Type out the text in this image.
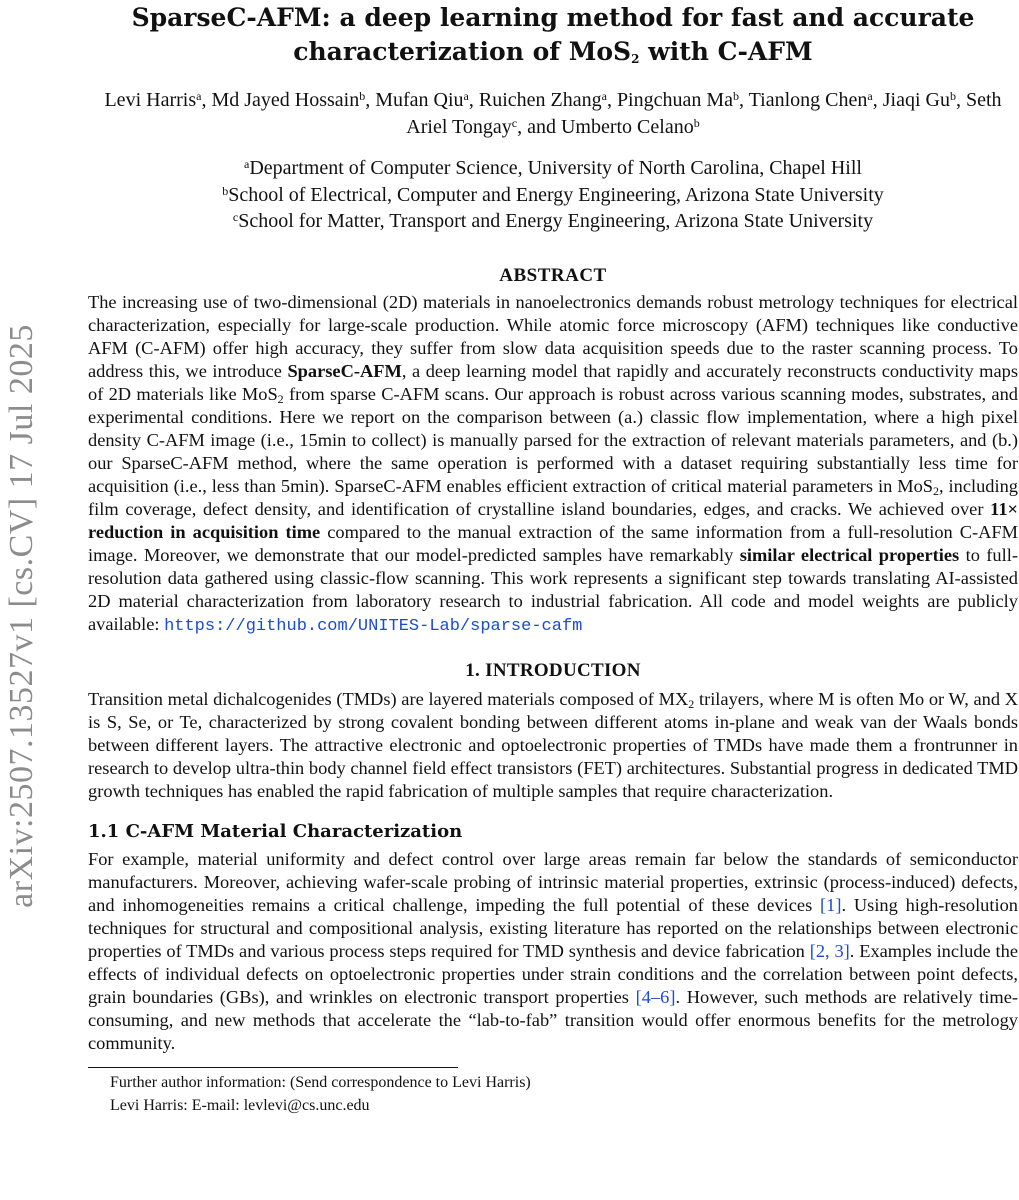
arXiv:2507.13527v1 [cs.CV] 17 Jul 2025
SparseC-AFM: a deep learning method for fast and accurate
characterization of MoS$_2$ with C-AFM
Levi Harris$^a$, Md Jayed Hossain$^b$, Mufan Qiu$^a$, Ruichen Zhang$^a$, Pingchuan Ma$^b$, Tianlong Chen$^a$, Jiaqi Gu$^b$, Seth Ariel Tongay$^c$, and Umberto Celano$^b$
$^a$Department of Computer Science, University of North Carolina, Chapel Hill
$^b$School of Electrical, Computer and Energy Engineering, Arizona State University
$^c$School for Matter, Transport and Energy Engineering, Arizona State University
ABSTRACT

The increasing use of two-dimensional (2D) materials in nanoelectronics demands robust metrology techniques for electrical characterization, especially for large-scale production. While atomic force microscopy (AFM) techniques like conductive AFM (C-AFM) offer high accuracy, they suffer from slow data acquisition speeds due to the raster scanning process. To address this, we introduce SparseC-AFM, a deep learning model that rapidly and accurately reconstructs conductivity maps of 2D materials like MoS$_2$ from sparse C-AFM scans. Our approach is robust across various scanning modes, substrates, and experimental conditions. Here we report on the comparison between (a.) classic flow implementation, where a high pixel density C-AFM image (i.e., 15min to collect) is manually parsed for the extraction of relevant materials parameters, and (b.) our SparseC-AFM method, where the same operation is performed with a dataset requiring substantially less time for acquisition (i.e., less than 5min). SparseC-AFM enables efficient extraction of critical material parameters in MoS$_2$, including film coverage, defect density, and identification of crystalline island boundaries, edges, and cracks. We achieved over 11× reduction in acquisition time compared to the manual extraction of the same information from a full-resolution C-AFM image. Moreover, we demonstrate that our model-predicted samples have remarkably similar electrical properties to full-resolution data gathered using classic-flow scanning. This work represents a significant step towards translating AI-assisted 2D material characterization from laboratory research to industrial fabrication. All code and model weights are publicly available: https://github.com/UNITES-Lab/sparse-cafm

1. INTRODUCTION

Transition metal dichalcogenides (TMDs) are layered materials composed of $MX_2$ trilayers, where M is often Mo or W, and X is S, Se, or Te, characterized by strong covalent bonding between different atoms in-plane and weak van der Waals bonds between different layers. The attractive electronic and optoelectronic properties of TMDs have made them a frontrunner in research to develop ultra-thin body channel field effect transistors (FET) architectures. Substantial progress in dedicated TMD growth techniques has enabled the rapid fabrication of multiple samples that require characterization.

1.1 C-AFM Material Characterization

For example, material uniformity and defect control over large areas remain far below the standards of semiconductor manufacturers. Moreover, achieving wafer-scale probing of intrinsic material properties, extrinsic (process-induced) defects, and inhomogeneities remains a critical challenge, impeding the full potential of these devices [1]. Using high-resolution techniques for structural and compositional analysis, existing literature has reported on the relationships between electronic properties of TMDs and various process steps required for TMD synthesis and device fabrication [2, 3]. Examples include the effects of individual defects on optoelectronic properties under strain conditions and the correlation between point defects, grain boundaries (GBs), and wrinkles on electronic transport properties [4–6]. However, such methods are relatively time-consuming, and new methods that accelerate the “lab-to-fab” transition would offer enormous benefits for the metrology community.

Further author information: (Send correspondence to Levi Harris)
Levi Harris: E-mail: levlevi@cs.unc.edu
